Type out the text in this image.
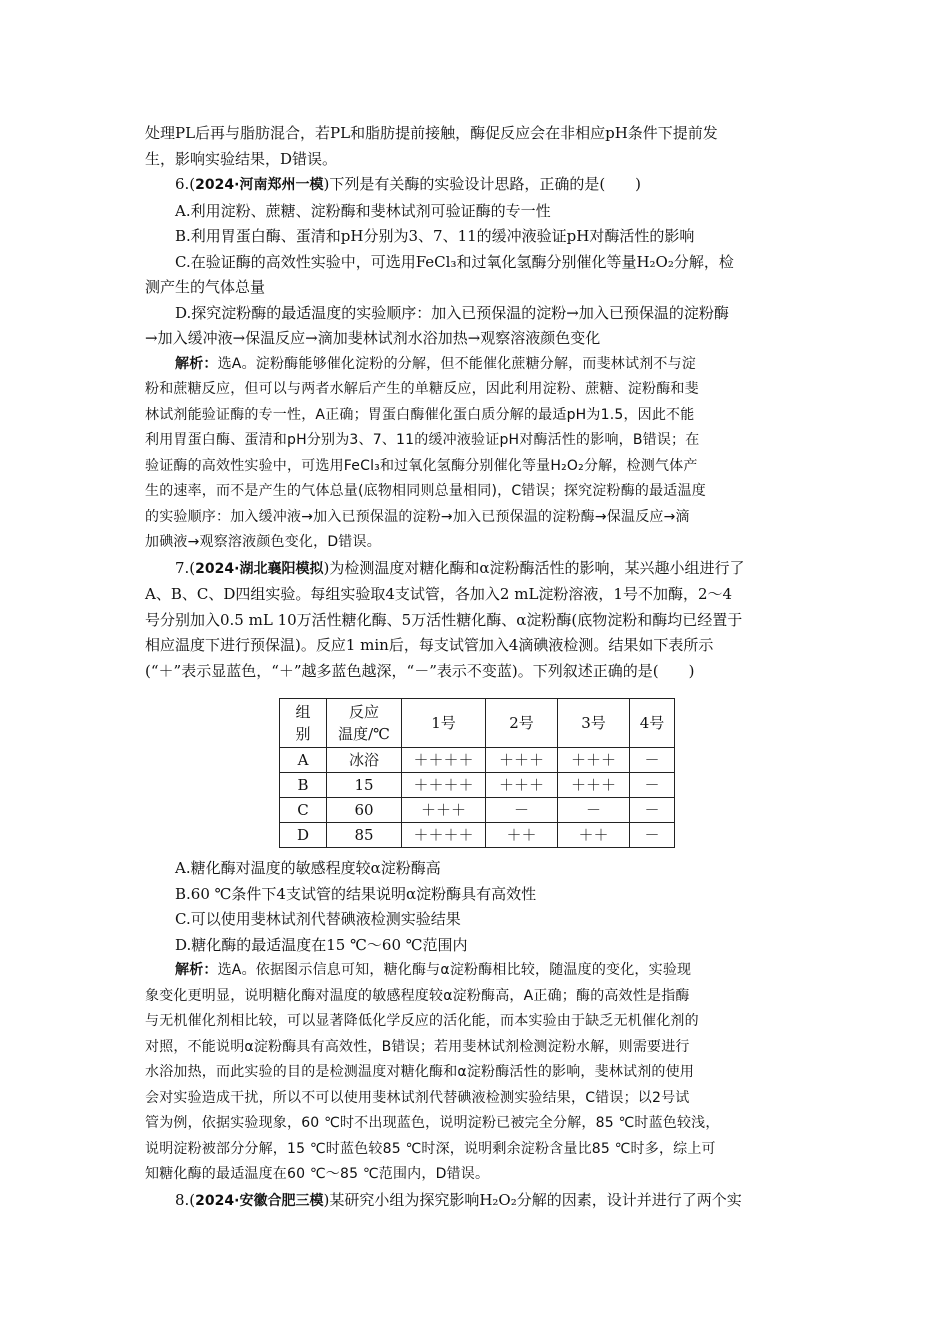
处理PL后再与脂肪混合，若PL和脂肪提前接触，酶促反应会在非相应pH条件下提前发

生，影响实验结果，D错误。

6.(2024·河南郑州一模)下列是有关酶的实验设计思路，正确的是(　　)

A.利用淀粉、蔗糖、淀粉酶和斐林试剂可验证酶的专一性

B.利用胃蛋白酶、蛋清和pH分别为3、7、11的缓冲液验证pH对酶活性的影响

C.在验证酶的高效性实验中，可选用FeCl₃和过氧化氢酶分别催化等量H₂O₂分解，检

测产生的气体总量

D.探究淀粉酶的最适温度的实验顺序：加入已预保温的淀粉→加入已预保温的淀粉酶

→加入缓冲液→保温反应→滴加斐林试剂水浴加热→观察溶液颜色变化

解析：选A。淀粉酶能够催化淀粉的分解，但不能催化蔗糖分解，而斐林试剂不与淀

粉和蔗糖反应，但可以与两者水解后产生的单糖反应，因此利用淀粉、蔗糖、淀粉酶和斐

林试剂能验证酶的专一性，A正确；胃蛋白酶催化蛋白质分解的最适pH为1.5，因此不能

利用胃蛋白酶、蛋清和pH分别为3、7、11的缓冲液验证pH对酶活性的影响，B错误；在

验证酶的高效性实验中，可选用FeCl₃和过氧化氢酶分别催化等量H₂O₂分解，检测气体产

生的速率，而不是产生的气体总量(底物相同则总量相同)，C错误；探究淀粉酶的最适温度

的实验顺序：加入缓冲液→加入已预保温的淀粉→加入已预保温的淀粉酶→保温反应→滴

加碘液→观察溶液颜色变化，D错误。

7.(2024·湖北襄阳模拟)为检测温度对糖化酶和α淀粉酶活性的影响，某兴趣小组进行了

A、B、C、D四组实验。每组实验取4支试管，各加入2 mL淀粉溶液，1号不加酶，2～4

号分别加入0.5 mL 10万活性糖化酶、5万活性糖化酶、α淀粉酶(底物淀粉和酶均已经置于

相应温度下进行预保温)。反应1 min后，每支试管加入4滴碘液检测。结果如下表所示

(“＋”表示显蓝色，“＋”越多蓝色越深，“－”表示不变蓝)。下列叙述正确的是(　　)

组
别	反应
温度/℃	1号	2号	3号	4号
A	冰浴	＋＋＋＋	＋＋＋	＋＋＋	－
B	15	＋＋＋＋	＋＋＋	＋＋＋	－
C	60	＋＋＋	－	－	－
D	85	＋＋＋＋	＋＋	＋＋	－

A.糖化酶对温度的敏感程度较α淀粉酶高

B.60 ℃条件下4支试管的结果说明α淀粉酶具有高效性

C.可以使用斐林试剂代替碘液检测实验结果

D.糖化酶的最适温度在15 ℃～60 ℃范围内

解析：选A。依据图示信息可知，糖化酶与α淀粉酶相比较，随温度的变化，实验现

象变化更明显，说明糖化酶对温度的敏感程度较α淀粉酶高，A正确；酶的高效性是指酶

与无机催化剂相比较，可以显著降低化学反应的活化能，而本实验由于缺乏无机催化剂的

对照，不能说明α淀粉酶具有高效性，B错误；若用斐林试剂检测淀粉水解，则需要进行

水浴加热，而此实验的目的是检测温度对糖化酶和α淀粉酶活性的影响，斐林试剂的使用

会对实验造成干扰，所以不可以使用斐林试剂代替碘液检测实验结果，C错误；以2号试

管为例，依据实验现象，60 ℃时不出现蓝色，说明淀粉已被完全分解，85 ℃时蓝色较浅，

说明淀粉被部分分解，15 ℃时蓝色较85 ℃时深，说明剩余淀粉含量比85 ℃时多，综上可

知糖化酶的最适温度在60 ℃～85 ℃范围内，D错误。

8.(2024·安徽合肥三模)某研究小组为探究影响H₂O₂分解的因素，设计并进行了两个实
